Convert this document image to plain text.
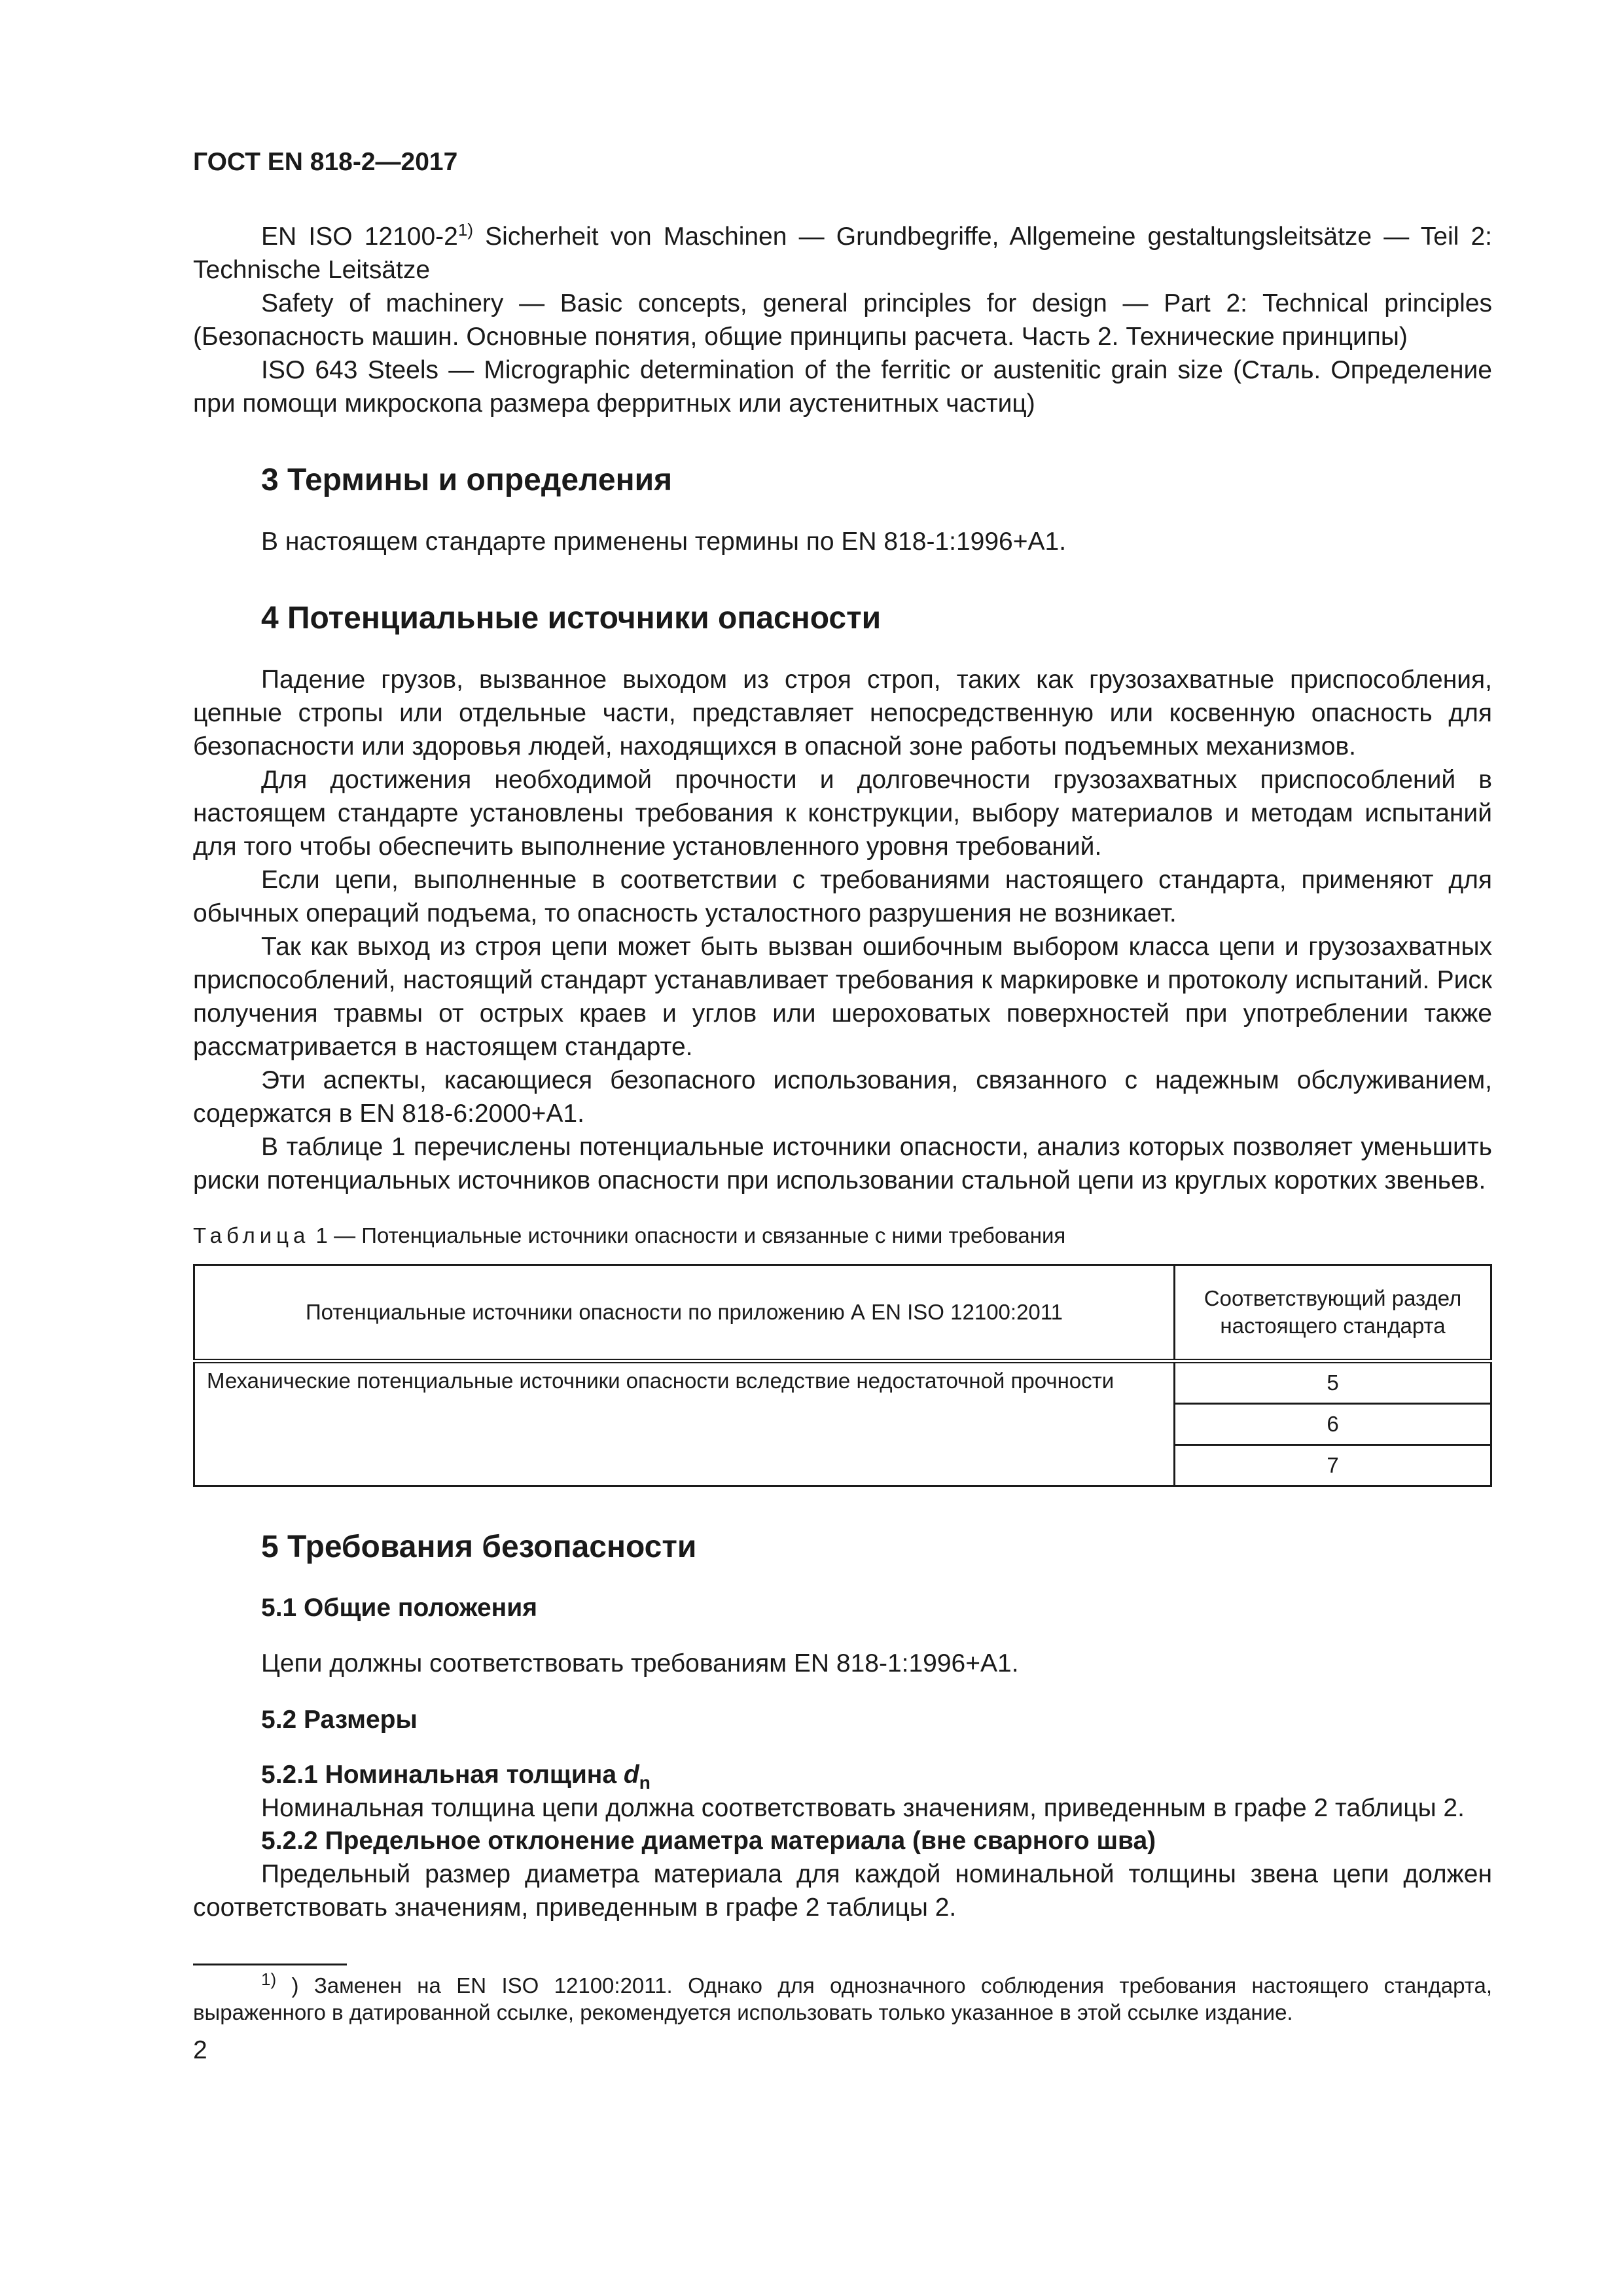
ГОСТ EN 818-2—2017

EN ISO 12100-2$^{1)}$ Sicherheit von Maschinen — Grundbegriffe, Allgemeine gestaltungsleitsätze — Teil 2: Technische Leitsätze

Safety of machinery — Basic concepts, general principles for design — Part 2: Technical principles (Безопасность машин. Основные понятия, общие принципы расчета. Часть 2. Технические принципы)

ISO 643 Steels — Micrographic determination of the ferritic or austenitic grain size (Сталь. Определение при помощи микроскопа размера ферритных или аустенитных частиц)

3 Термины и определения

В настоящем стандарте применены термины по EN 818-1:1996+A1.

4 Потенциальные источники опасности

Падение грузов, вызванное выходом из строя строп, таких как грузозахватные приспособления, цепные стропы или отдельные части, представляет непосредственную или косвенную опасность для безопасности или здоровья людей, находящихся в опасной зоне работы подъемных механизмов.

Для достижения необходимой прочности и долговечности грузозахватных приспособлений в настоящем стандарте установлены требования к конструкции, выбору материалов и методам испытаний для того чтобы обеспечить выполнение установленного уровня требований.

Если цепи, выполненные в соответствии с требованиями настоящего стандарта, применяют для обычных операций подъема, то опасность усталостного разрушения не возникает.

Так как выход из строя цепи может быть вызван ошибочным выбором класса цепи и грузозахватных приспособлений, настоящий стандарт устанавливает требования к маркировке и протоколу испытаний. Риск получения травмы от острых краев и углов или шероховатых поверхностей при употреблении также рассматривается в настоящем стандарте.

Эти аспекты, касающиеся безопасного использования, связанного с надежным обслуживанием, содержатся в EN 818-6:2000+A1.

В таблице 1 перечислены потенциальные источники опасности, анализ которых позволяет уменьшить риски потенциальных источников опасности при использовании стальной цепи из круглых коротких звеньев.

Таблица 1 — Потенциальные источники опасности и связанные с ними требования
Потенциальные источники опасности по приложению А EN ISO 12100:2011	Соответствующий раздел настоящего стандарта
Механические потенциальные источники опасности вследствие недостаточной прочности	5
	6
	7
5 Требования безопасности
5.1 Общие положения

Цепи должны соответствовать требованиям EN 818-1:1996+A1.

5.2 Размеры
5.2.1 Номинальная толщина $d_n$

Номинальная толщина цепи должна соответствовать значениям, приведенным в графе 2 таблицы 2.

5.2.2 Предельное отклонение диаметра материала (вне сварного шва)

Предельный размер диаметра материала для каждой номинальной толщины звена цепи должен соответствовать значениям, приведенным в графе 2 таблицы 2.

$^{1)}$ ) Заменен на EN ISO 12100:2011. Однако для однозначного соблюдения требования настоящего стандарта, выраженного в датированной ссылке, рекомендуется использовать только указанное в этой ссылке издание.

2
